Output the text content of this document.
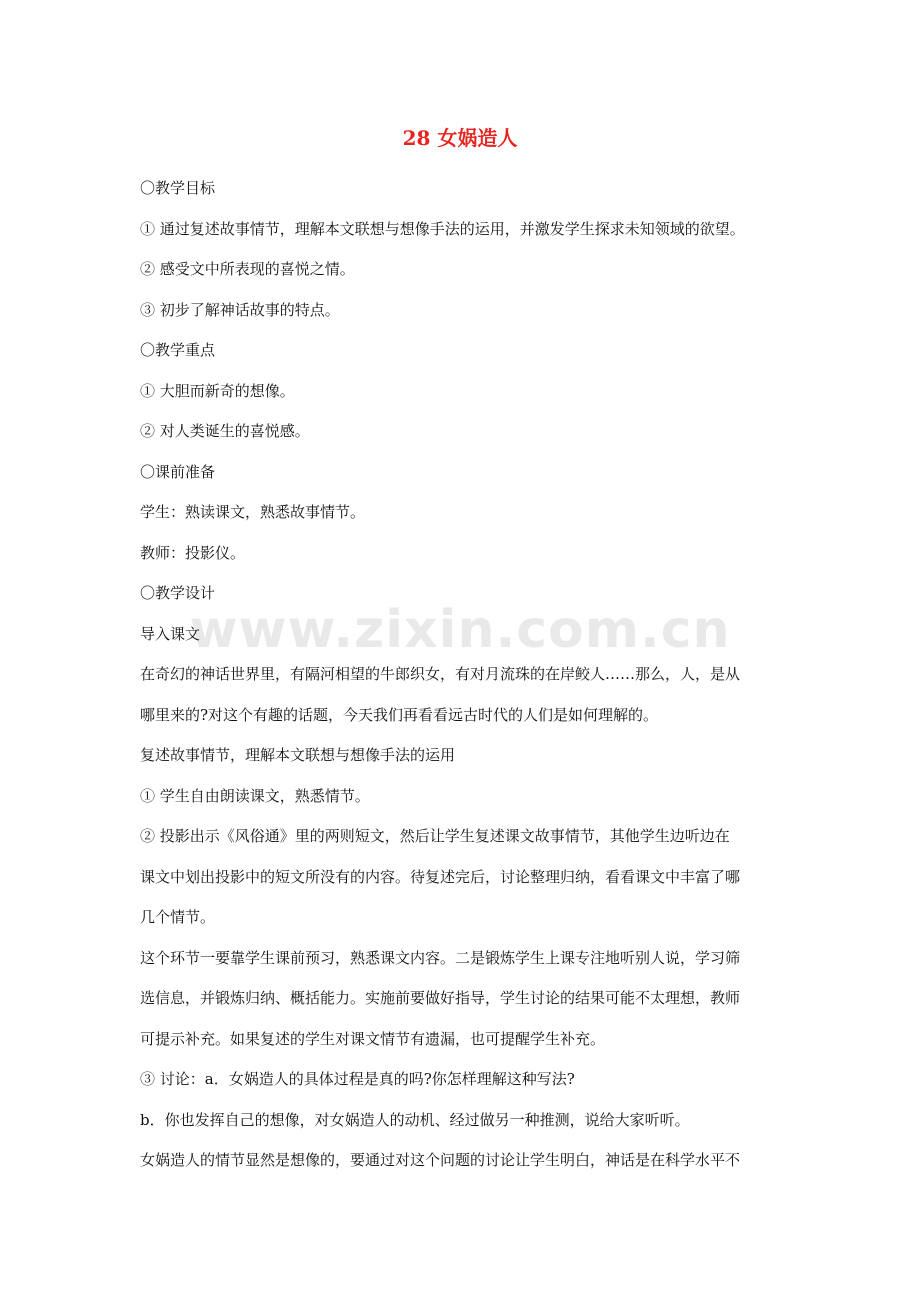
28 女娲造人
〇教学目标
① 通过复述故事情节，理解本文联想与想像手法的运用，并激发学生探求未知领域的欲望。
② 感受文中所表现的喜悦之情。
③ 初步了解神话故事的特点。
〇教学重点
① 大胆而新奇的想像。
② 对人类诞生的喜悦感。
〇课前准备
学生：熟读课文，熟悉故事情节。
教师：投影仪。
〇教学设计
导入课文
在奇幻的神话世界里，有隔河相望的牛郎织女，有对月流珠的在岸鲛人……那么，人，是从
哪里来的?对这个有趣的话题，今天我们再看看远古时代的人们是如何理解的。
复述故事情节，理解本文联想与想像手法的运用
① 学生自由朗读课文，熟悉情节。
② 投影出示《风俗通》里的两则短文，然后让学生复述课文故事情节，其他学生边听边在
课文中划出投影中的短文所没有的内容。待复述完后，讨论整理归纳，看看课文中丰富了哪
几个情节。
这个环节一要靠学生课前预习，熟悉课文内容。二是锻炼学生上课专注地听别人说，学习筛
选信息，并锻炼归纳、概括能力。实施前要做好指导，学生讨论的结果可能不太理想，教师
可提示补充。如果复述的学生对课文情节有遗漏，也可提醒学生补充。
③ 讨论：a．女娲造人的具体过程是真的吗?你怎样理解这种写法?
b．你也发挥自己的想像，对女娲造人的动机、经过做另一种推测，说给大家听听。
女娲造人的情节显然是想像的，要通过对这个问题的讨论让学生明白，神话是在科学水平不
www.zixin.com.cn
